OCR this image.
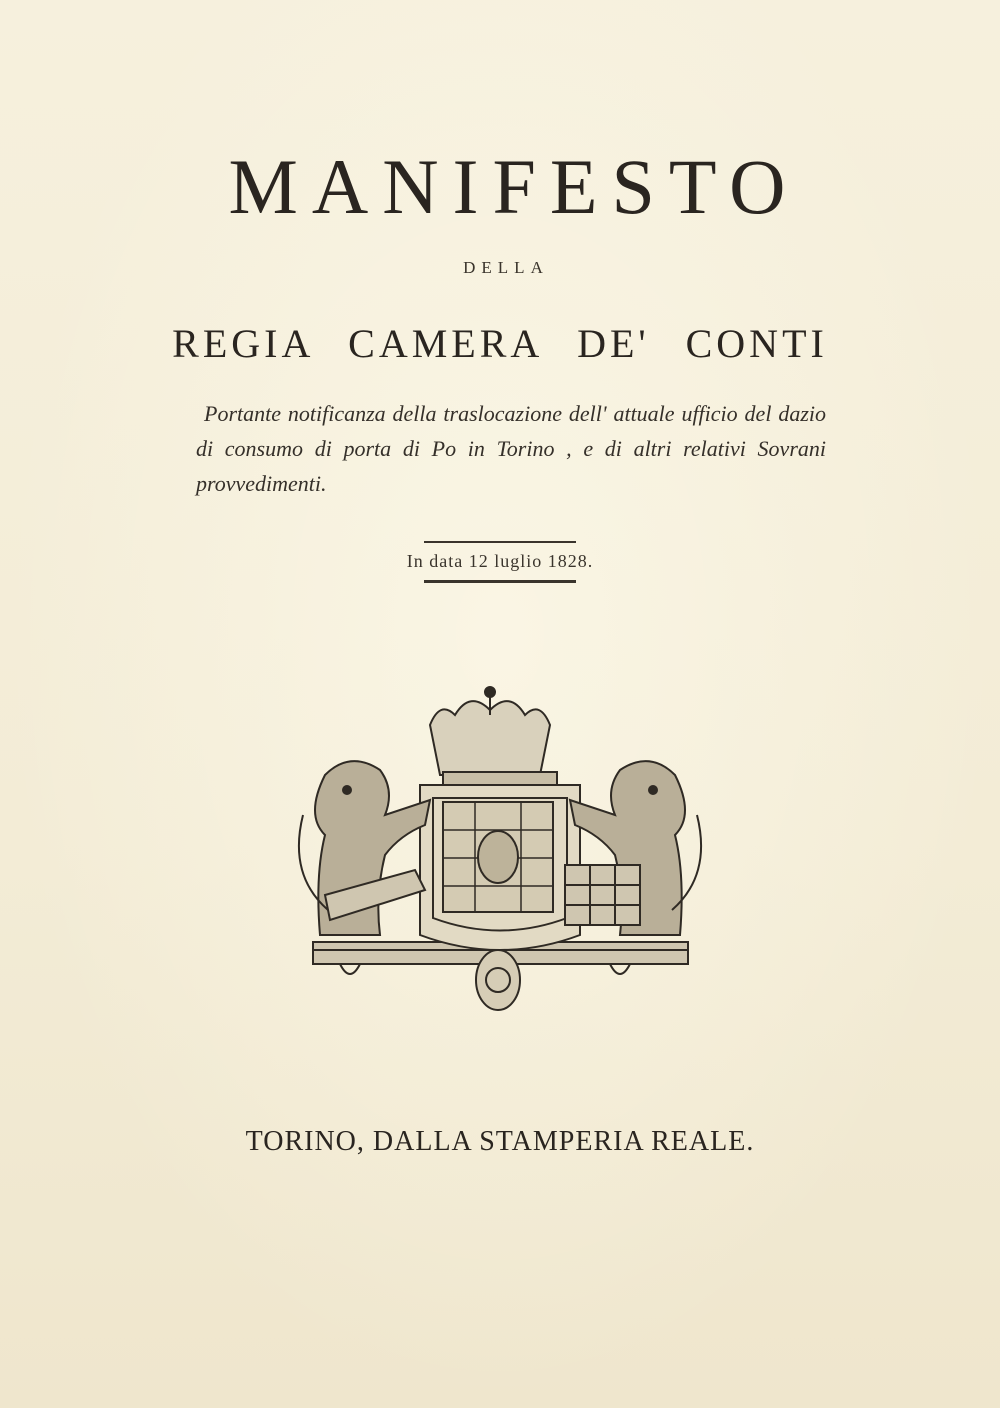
MANIFESTO
DELLA
REGIA CAMERA DE' CONTI
Portante notificanza della traslocazione dell' attuale ufficio del dazio di consumo di porta di Po in Torino , e di altri relativi Sovrani provvedimenti.
In data 12 luglio 1828.
TORINO, DALLA STAMPERIA REALE.
